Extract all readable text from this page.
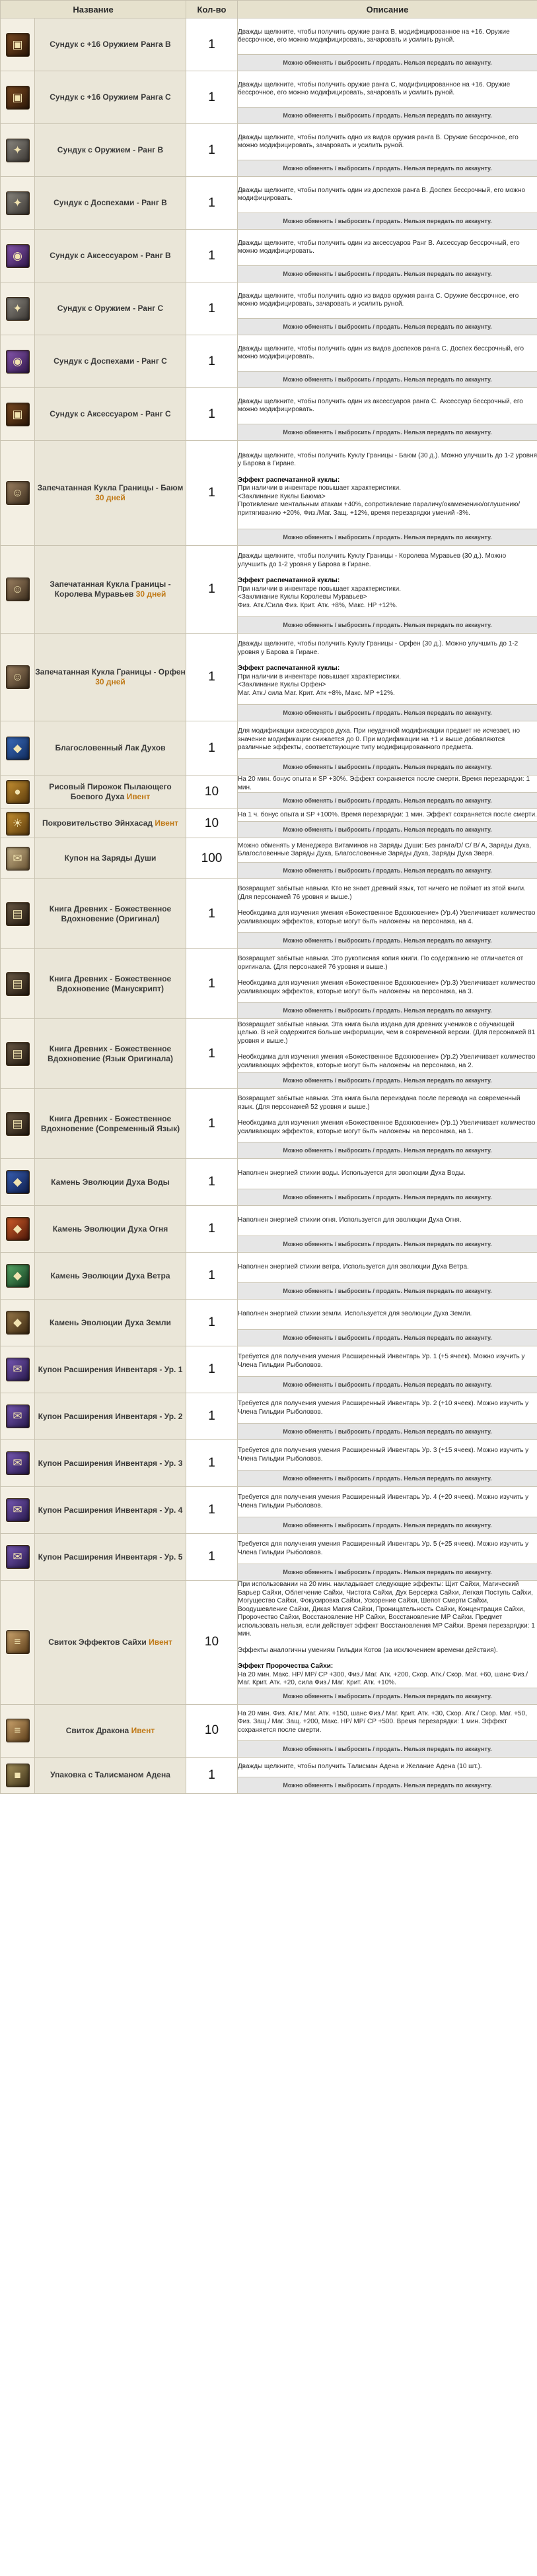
Название		Кол-во	Описание
▣	Сундук с +16 Оружием Ранга B	1	Дважды щелкните, чтобы получить оружие ранга B, модифицированное на +16. Оружие бессрочное, его можно модифицировать, зачаровать и усилить руной.

			Можно обменять / выбросить / продать. Нельзя передать по аккаунту.
▣	Сундук с +16 Оружием Ранга C	1	Дважды щелкните, чтобы получить оружие ранга C, модифицированное на +16. Оружие бессрочное, его можно модифицировать, зачаровать и усилить руной.

			Можно обменять / выбросить / продать. Нельзя передать по аккаунту.
✦	Сундук с Оружием - Ранг B	1	Дважды щелкните, чтобы получить одно из видов оружия ранга B. Оружие бессрочное, его можно модифицировать, зачаровать и усилить руной.

			Можно обменять / выбросить / продать. Нельзя передать по аккаунту.
✦	Сундук с Доспехами - Ранг B	1	Дважды щелкните, чтобы получить один из доспехов ранга B. Доспех бессрочный, его можно модифицировать.

			Можно обменять / выбросить / продать. Нельзя передать по аккаунту.
◉	Сундук с Аксессуаром - Ранг B	1	Дважды щелкните, чтобы получить один из аксессуаров Ранг B. Аксессуар бессрочный, его можно модифицировать.

			Можно обменять / выбросить / продать. Нельзя передать по аккаунту.
✦	Сундук с Оружием - Ранг C	1	Дважды щелкните, чтобы получить одно из видов оружия ранга C. Оружие бессрочное, его можно модифицировать, зачаровать и усилить руной.

			Можно обменять / выбросить / продать. Нельзя передать по аккаунту.
◉	Сундук с Доспехами - Ранг C	1	Дважды щелкните, чтобы получить один из видов доспехов ранга C. Доспех бессрочный, его можно модифицировать.

			Можно обменять / выбросить / продать. Нельзя передать по аккаунту.
▣	Сундук с Аксессуаром - Ранг C	1	Дважды щелкните, чтобы получить один из аксессуаров ранга C. Аксессуар бессрочный, его можно модифицировать.

			Можно обменять / выбросить / продать. Нельзя передать по аккаунту.
☺	Запечатанная Кукла Границы - Баюм 30 дней	1	Дважды щелкните, чтобы получить Куклу Границы - Баюм (30 д.). Можно улучшить до 1-2 уровня у Барова в Гиране.

Эффект распечатанной куклы:

При наличии в инвентаре повышает характеристики.

<Заклинание Куклы Баюма>

Противление ментальным атакам +40%, сопротивление параличу/окаменению/оглушению/притягиванию +20%, Физ./Маг. Защ. +12%, время перезарядки умений -3%.

			Можно обменять / выбросить / продать. Нельзя передать по аккаунту.
☺	Запечатанная Кукла Границы - Королева Муравьев 30 дней	1	Дважды щелкните, чтобы получить Куклу Границы - Королева Муравьев (30 д.). Можно улучшить до 1-2 уровня у Барова в Гиране.

Эффект распечатанной куклы:

При наличии в инвентаре повышает характеристики.

<Заклинание Куклы Королевы Муравьев>

Физ. Атк./Сила Физ. Крит. Атк. +8%, Макс. HP +12%.

			Можно обменять / выбросить / продать. Нельзя передать по аккаунту.
☺	Запечатанная Кукла Границы - Орфен 30 дней	1	Дважды щелкните, чтобы получить Куклу Границы - Орфен (30 д.). Можно улучшить до 1-2 уровня у Барова в Гиране.

Эффект распечатанной куклы:

При наличии в инвентаре повышает характеристики.

<Заклинание Куклы Орфен>

Маг. Атк./ сила Маг. Крит. Атк +8%, Макс. MP +12%.

			Можно обменять / выбросить / продать. Нельзя передать по аккаунту.
◆	Благословенный Лак Духов	1	Для модификации аксессуаров духа. При неудачной модификации предмет не исчезает, но значение модификации снижается до 0. При модификации на +1 и выше добавляются различные эффекты, соответствующие типу модифицированного предмета.

			Можно обменять / выбросить / продать. Нельзя передать по аккаунту.
●	Рисовый Пирожок Пылающего Боевого Духа Ивент	10	На 20 мин. бонус опыта и SP +30%. Эффект сохраняется после смерти. Время перезарядки: 1 мин.

			Можно обменять / выбросить / продать. Нельзя передать по аккаунту.
☀	Покровительство Эйнхасад Ивент	10	На 1 ч. бонус опыта и SP +100%. Время перезарядки: 1 мин. Эффект сохраняется после смерти.

			Можно обменять / выбросить / продать. Нельзя передать по аккаунту.
✉	Купон на Заряды Души	100	Можно обменять у Менеджера Витаминов на Заряды Души: Без ранга/D/ C/ B/ A, Заряды Духа, Благословенные Заряды Духа, Благословенные Заряды Духа, Заряды Духа Зверя.

			Можно обменять / выбросить / продать. Нельзя передать по аккаунту.
▤	Книга Древних - Божественное Вдохновение (Оригинал)	1	Возвращает забытые навыки. Кто не знает древний язык, тот ничего не поймет из этой книги. (Для персонажей 76 уровня и выше.)

Необходима для изучения умения «Божественное Вдохновение» (Ур.4) Увеличивает количество усиливающих эффектов, которые могут быть наложены на персонажа, на 4.

			Можно обменять / выбросить / продать. Нельзя передать по аккаунту.
▤	Книга Древних - Божественное Вдохновение (Манускрипт)	1	Возвращает забытые навыки. Это рукописная копия книги. По содержанию не отличается от оригинала. (Для персонажей 76 уровня и выше.)

Необходима для изучения умения «Божественное Вдохновение» (Ур.3) Увеличивает количество усиливающих эффектов, которые могут быть наложены на персонажа, на 3.

			Можно обменять / выбросить / продать. Нельзя передать по аккаунту.
▤	Книга Древних - Божественное Вдохновение (Язык Оригинала)	1	Возвращает забытые навыки. Эта книга была издана для древних учеников с обучающей целью. В ней содержится больше информации, чем в современной версии. (Для персонажей 81 уровня и выше.)

Необходима для изучения умения «Божественное Вдохновение» (Ур.2) Увеличивает количество усиливающих эффектов, которые могут быть наложены на персонажа, на 2.

			Можно обменять / выбросить / продать. Нельзя передать по аккаунту.
▤	Книга Древних - Божественное Вдохновение (Современный Язык)	1	Возвращает забытые навыки. Эта книга была переиздана после перевода на современный язык. (Для персонажей 52 уровня и выше.)

Необходима для изучения умения «Божественное Вдохновение» (Ур.1) Увеличивает количество усиливающих эффектов, которые могут быть наложены на персонажа, на 1.

			Можно обменять / выбросить / продать. Нельзя передать по аккаунту.
◆	Камень Эволюции Духа Воды	1	Наполнен энергией стихии воды. Используется для эволюции Духа Воды.

			Можно обменять / выбросить / продать. Нельзя передать по аккаунту.
◆	Камень Эволюции Духа Огня	1	Наполнен энергией стихии огня. Используется для эволюции Духа Огня.

			Можно обменять / выбросить / продать. Нельзя передать по аккаунту.
◆	Камень Эволюции Духа Ветра	1	Наполнен энергией стихии ветра. Используется для эволюции Духа Ветра.

			Можно обменять / выбросить / продать. Нельзя передать по аккаунту.
◆	Камень Эволюции Духа Земли	1	Наполнен энергией стихии земли. Используется для эволюции Духа Земли.

			Можно обменять / выбросить / продать. Нельзя передать по аккаунту.
✉	Купон Расширения Инвентаря - Ур. 1	1	Требуется для получения умения Расширенный Инвентарь Ур. 1 (+5 ячеек). Можно изучить у Члена Гильдии Рыболовов.

			Можно обменять / выбросить / продать. Нельзя передать по аккаунту.
✉	Купон Расширения Инвентаря - Ур. 2	1	Требуется для получения умения Расширенный Инвентарь Ур. 2 (+10 ячеек). Можно изучить у Члена Гильдии Рыболовов.

			Можно обменять / выбросить / продать. Нельзя передать по аккаунту.
✉	Купон Расширения Инвентаря - Ур. 3	1	Требуется для получения умения Расширенный Инвентарь Ур. 3 (+15 ячеек). Можно изучить у Члена Гильдии Рыболовов.

			Можно обменять / выбросить / продать. Нельзя передать по аккаунту.
✉	Купон Расширения Инвентаря - Ур. 4	1	Требуется для получения умения Расширенный Инвентарь Ур. 4 (+20 ячеек). Можно изучить у Члена Гильдии Рыболовов.

			Можно обменять / выбросить / продать. Нельзя передать по аккаунту.
✉	Купон Расширения Инвентаря - Ур. 5	1	Требуется для получения умения Расширенный Инвентарь Ур. 5 (+25 ячеек). Можно изучить у Члена Гильдии Рыболовов.

			Можно обменять / выбросить / продать. Нельзя передать по аккаунту.
≡	Свиток Эффектов Сайхи Ивент	10	При использовании на 20 мин. накладывает следующие эффекты: Щит Сайхи, Магический Барьер Сайхи, Облегчение Сайхи, Чистота Сайхи, Дух Берсерка Сайхи, Легкая Поступь Сайхи, Могущество Сайхи, Фокусировка Сайхи, Ускорение Сайхи, Шепот Смерти Сайхи, Воодушевление Сайхи, Дикая Магия Сайхи, Проницательность Сайхи, Концентрация Сайхи, Пророчество Сайхи, Восстановление HP Сайхи, Восстановление MP Сайхи. Предмет использовать нельзя, если действует эффект Восстановления MP Сайхи. Время перезарядки: 1 мин.

Эффекты аналогичны умениям Гильдии Котов (за исключением времени действия).

Эффект Пророчества Сайхи:

На 20 мин. Макс. HP/ MP/ CP +300, Физ./ Маг. Атк. +200, Скор. Атк./ Скор. Маг. +60, шанс Физ./ Маг. Крит. Атк. +20, сила Физ./ Маг. Крит. Атк. +10%.

			Можно обменять / выбросить / продать. Нельзя передать по аккаунту.
≡	Свиток Дракона Ивент	10	На 20 мин. Физ. Атк./ Маг. Атк. +150, шанс Физ./ Маг. Крит. Атк. +30, Скор. Атк./ Скор. Маг. +50, Физ. Защ./ Маг. Защ. +200, Макс. HP/ MP/ CP +500. Время перезарядки: 1 мин. Эффект сохраняется после смерти.

			Можно обменять / выбросить / продать. Нельзя передать по аккаунту.
■	Упаковка с Талисманом Адена	1	Дважды щелкните, чтобы получить Талисман Адена и Желание Адена (10 шт.).

			Можно обменять / выбросить / продать. Нельзя передать по аккаунту.
